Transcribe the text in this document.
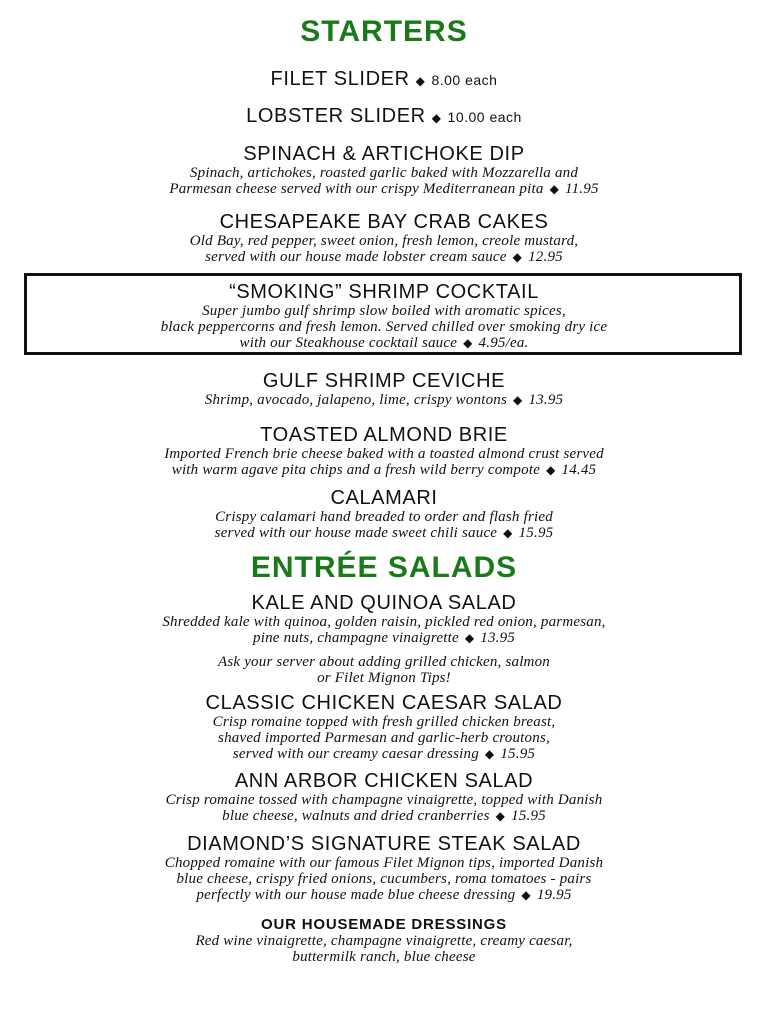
STARTERS
FILET SLIDER ◆ 8.00 each
LOBSTER SLIDER ◆ 10.00 each
SPINACH & ARTICHOKE DIP
Spinach, artichokes, roasted garlic baked with Mozzarella and
Parmesan cheese served with our crispy Mediterranean pita ◆ 11.95
CHESAPEAKE BAY CRAB CAKES
Old Bay, red pepper, sweet onion, fresh lemon, creole mustard,
served with our house made lobster cream sauce ◆ 12.95
“SMOKING” SHRIMP COCKTAIL
Super jumbo gulf shrimp slow boiled with aromatic spices,
black peppercorns and fresh lemon. Served chilled over smoking dry ice
with our Steakhouse cocktail sauce ◆ 4.95/ea.
GULF SHRIMP CEVICHE
Shrimp, avocado, jalapeno, lime, crispy wontons ◆ 13.95
TOASTED ALMOND BRIE
Imported French brie cheese baked with a toasted almond crust served
with warm agave pita chips and a fresh wild berry compote ◆ 14.45
CALAMARI
Crispy calamari hand breaded to order and flash fried
served with our house made sweet chili sauce ◆ 15.95
ENTRÉE SALADS
KALE AND QUINOA SALAD
Shredded kale with quinoa, golden raisin, pickled red onion, parmesan,
pine nuts, champagne vinaigrette ◆ 13.95
Ask your server about adding grilled chicken, salmon
or Filet Mignon Tips!
CLASSIC CHICKEN CAESAR SALAD
Crisp romaine topped with fresh grilled chicken breast,
shaved imported Parmesan and garlic-herb croutons,
served with our creamy caesar dressing ◆ 15.95
ANN ARBOR CHICKEN SALAD
Crisp romaine tossed with champagne vinaigrette, topped with Danish
blue cheese, walnuts and dried cranberries ◆ 15.95
DIAMOND’S SIGNATURE STEAK SALAD
Chopped romaine with our famous Filet Mignon tips, imported Danish
blue cheese, crispy fried onions, cucumbers, roma tomatoes - pairs
perfectly with our house made blue cheese dressing ◆ 19.95
OUR HOUSEMADE DRESSINGS
Red wine vinaigrette, champagne vinaigrette, creamy caesar,
buttermilk ranch, blue cheese
